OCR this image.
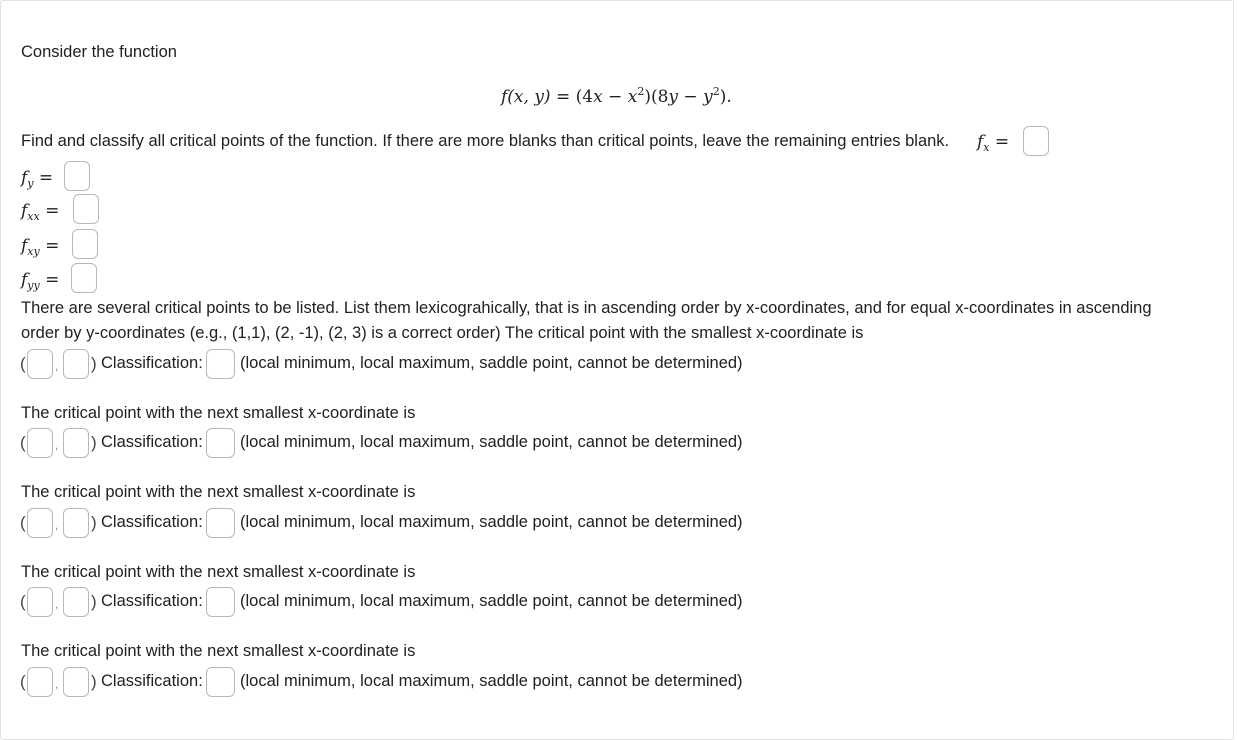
Consider the function
f(x, $y) = (4x - x^2)(8y - y^2)$.
Find and classify all critical points of the function. If there are more blanks than critical points, leave the remaining entries blank. $f_x$ =
$f_y$ =
$f_{xx}$ =
$f_{xy}$ =
$f_{yy}$ =
There are several critical points to be listed. List them lexicograhically, that is in ascending order by x-coordinates, and for equal x-coordinates in ascending
order by y-coordinates (e.g., (1,1), (2, -1), (2, 3) is a correct order) The critical point with the smallest x-coordinate is
( , ) Classification: (local minimum, local maximum, saddle point, cannot be determined)
The critical point with the next smallest x-coordinate is
( , ) Classification: (local minimum, local maximum, saddle point, cannot be determined)
The critical point with the next smallest x-coordinate is
( , ) Classification: (local minimum, local maximum, saddle point, cannot be determined)
The critical point with the next smallest x-coordinate is
( , ) Classification: (local minimum, local maximum, saddle point, cannot be determined)
The critical point with the next smallest x-coordinate is
( , ) Classification: (local minimum, local maximum, saddle point, cannot be determined)
